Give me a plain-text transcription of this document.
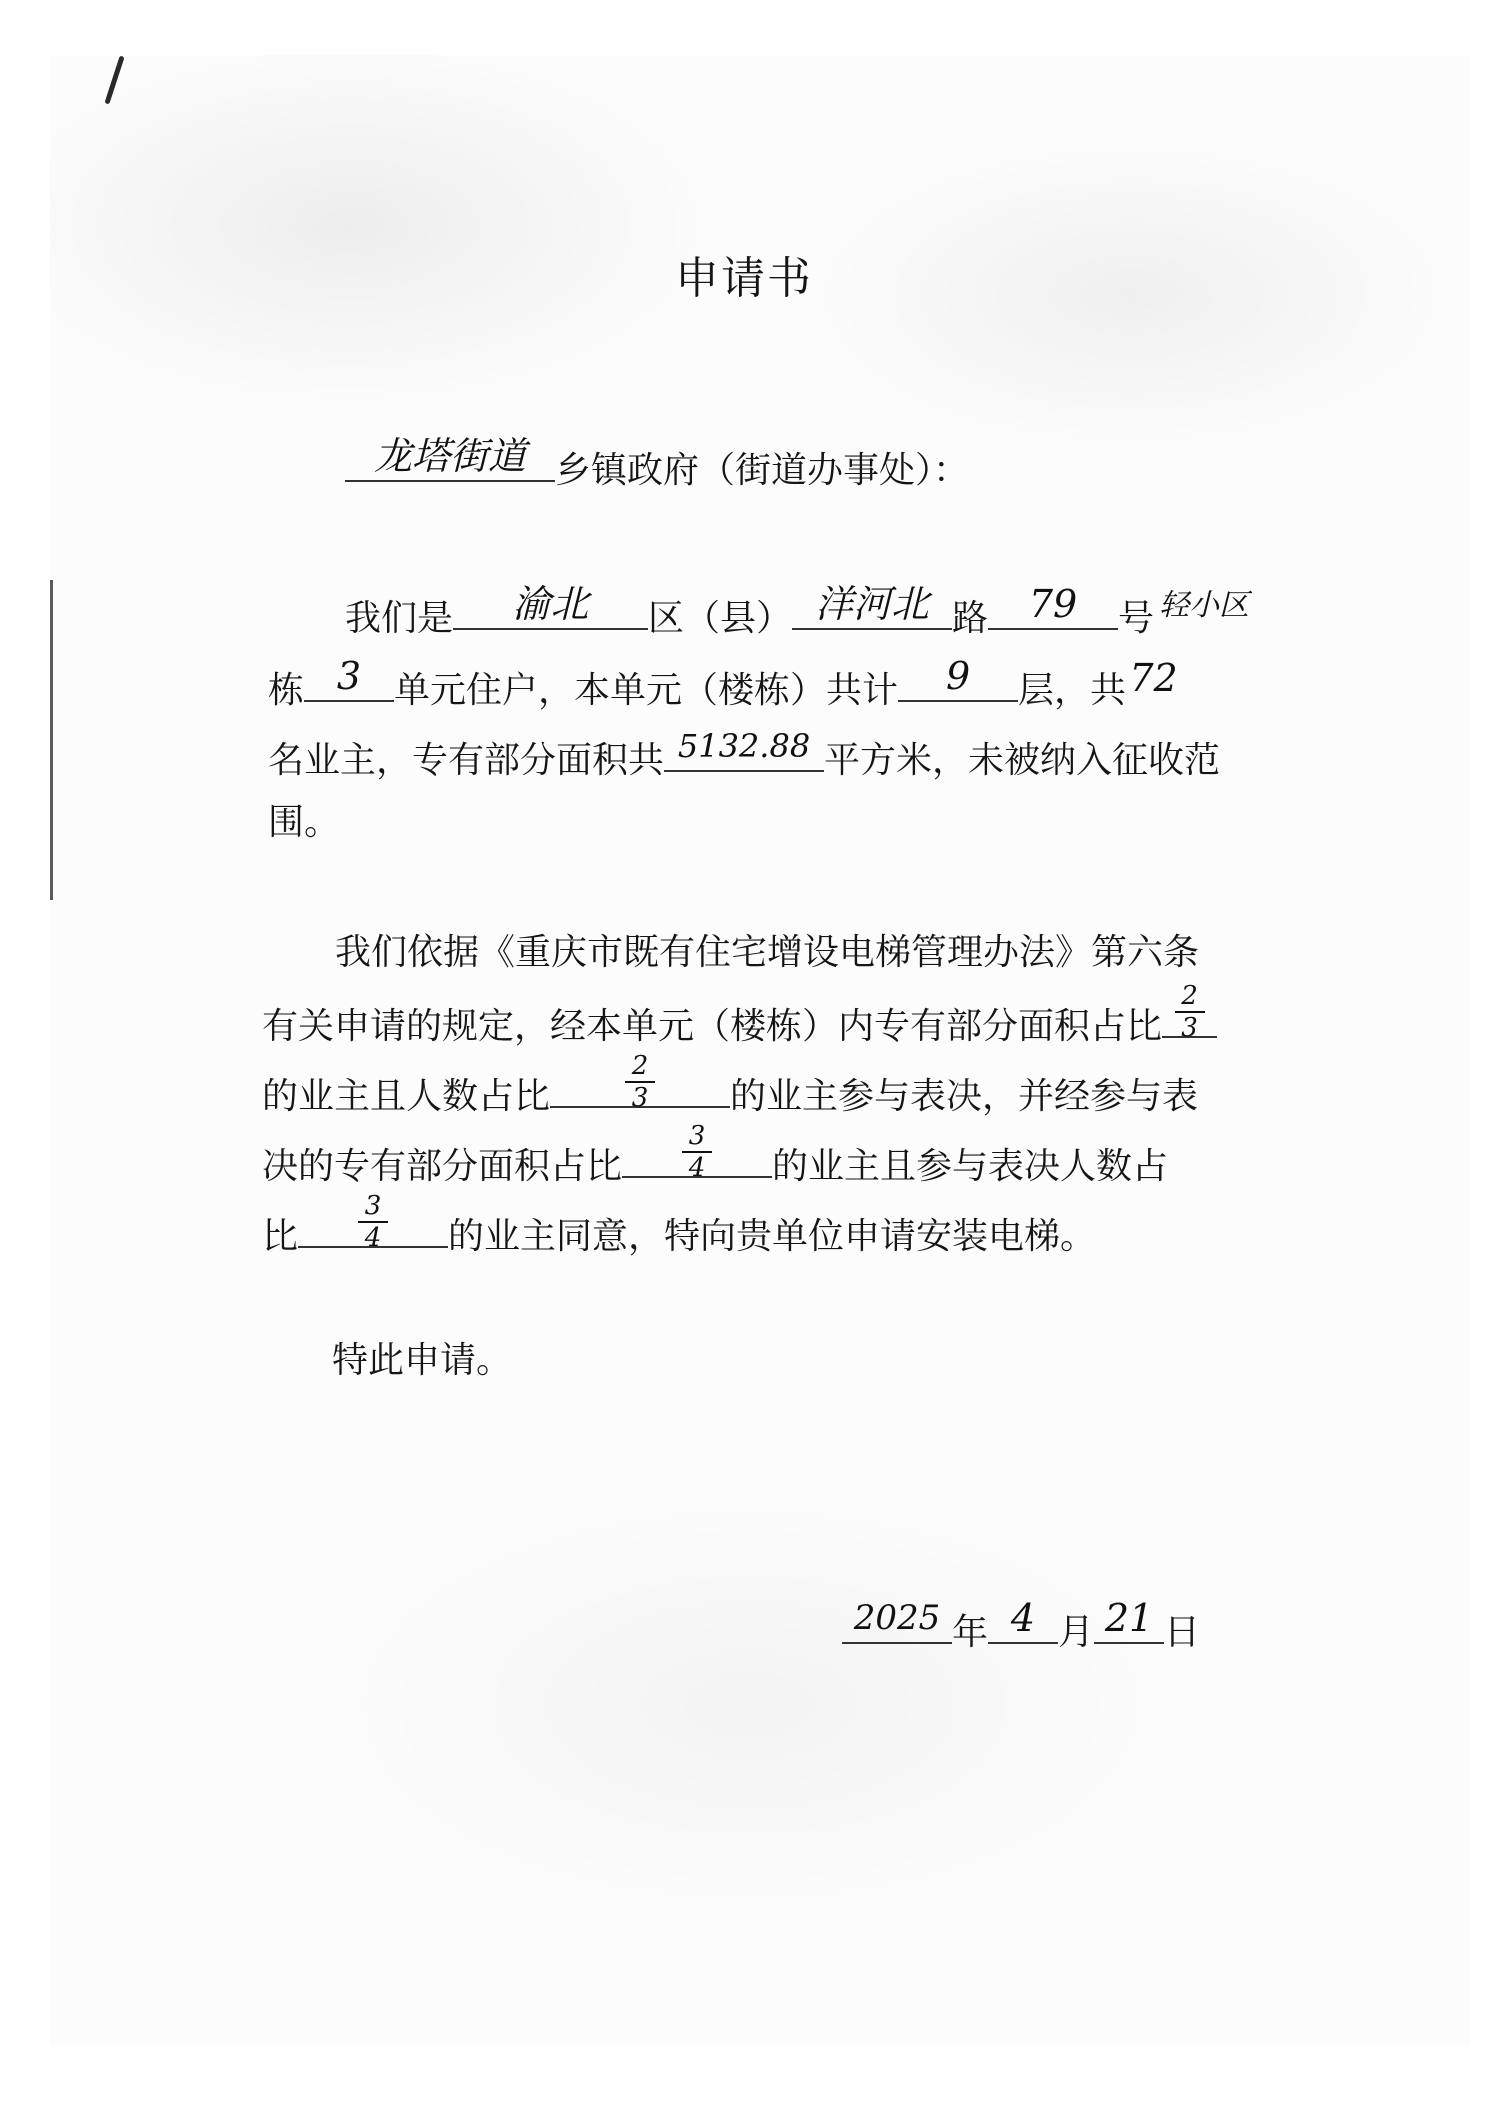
申请书
龙塔街道 乡镇政府（街道办事处）：
我们是	渝北	区（县） 洋河北 路	79	号 轻小区
栋 3 单元住户，本单元（楼栋）共计	9	层，共 72
名业主，专有部分面积共 5132.88 平方米，未被纳入征收范
围。
我们依据《重庆市既有住宅增设电梯管理办法》第六条
有关申请的规定，经本单元（楼栋）内专有部分面积占比
2
3
的业主且人数占比
2
3	的业主参与表决，并经参与表
决的专有部分面积占比
3
4	的业主且参与表决人数占
比
3
4	的业主同意，特向贵单位申请安装电梯。
特此申请。
2025 年 4 月 21 日
